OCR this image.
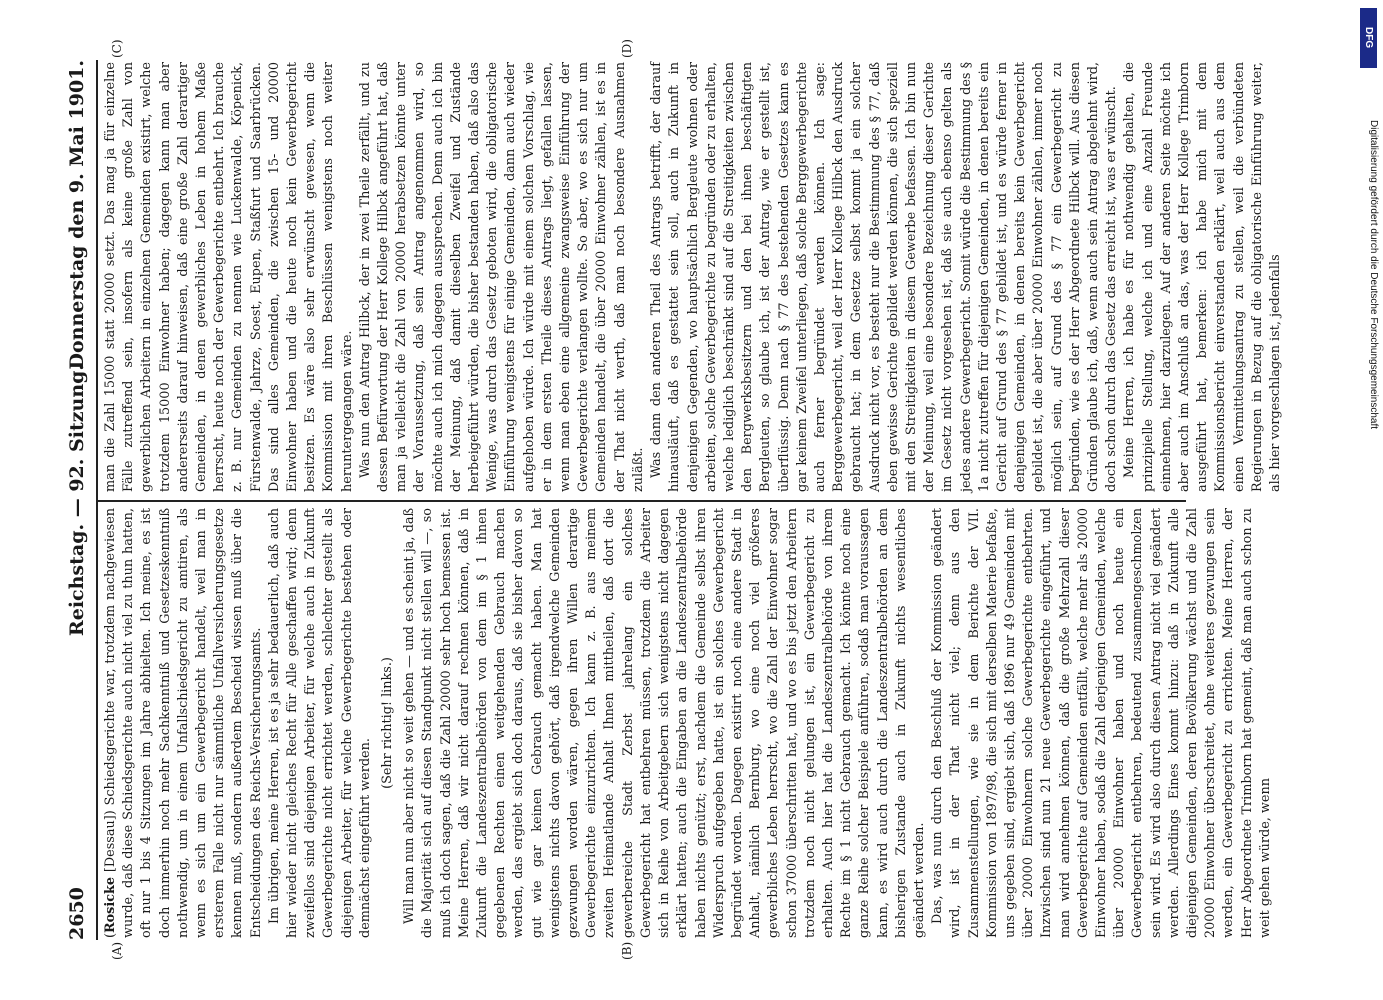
2650
Reichstag. — 92. Sitzung.
Donnerstag den 9. Mai 1901.
(A)	(B)
(C)	(D)

(Rosicke [Dessau]) Schiedsgerichte war, trotzdem nachgewiesen wurde, daß diese Schiedsgerichte auch nicht viel zu thun hatten, oft nur 1 bis 4 Sitzungen im Jahre abhielten. Ich meine, es ist doch immerhin noch mehr Sachkenntniß und Gesetzeskenntniß nothwendig, um in einem Unfallschiedsgericht zu amtiren, als wenn es sich um ein Gewerbegericht handelt, weil man in ersterem Falle nicht nur sämmtliche Unfallversicherungsgesetze kennen muß, sondern außerdem Bescheid wissen muß über die Entscheidungen des Reichs-Versicherungsamts. Im übrigen, meine Herren, ist es ja sehr bedauerlich, daß auch hier wieder nicht gleiches Recht für Alle geschaffen wird; denn zweifellos sind diejenigen Arbeiter, für welche auch in Zukunft Gewerbegerichte nicht errichtet werden, schlechter gestellt als diejenigen Arbeiter, für welche Gewerbegerichte bestehen oder demnächst eingeführt werden.

(Sehr richtig! links.) Will man nun aber nicht so weit gehen — und es scheint ja, daß die Majorität sich auf diesen Standpunkt nicht stellen will —, so muß ich doch sagen, daß die Zahl 20000 sehr hoch bemessen ist. Meine Herren, daß wir nicht darauf rechnen können, daß in Zukunft die Landeszentralbehörden von dem im § 1 ihnen gegebenen Rechten einen weitgehenden Gebrauch machen werden, das ergiebt sich doch daraus, daß sie bisher davon so gut wie gar keinen Gebrauch gemacht haben. Man hat wenigstens nichts davon gehört, daß irgendwelche Gemeinden gezwungen worden wären, gegen ihren Willen derartige Gewerbegerichte einzurichten. Ich kann z. B. aus meinem zweiten Heimatlande Anhalt Ihnen mittheilen, daß dort die gewerbereiche Stadt Zerbst jahrelang ein solches Gewerbegericht hat entbehren müssen, trotzdem die Arbeiter sich in Reihe von Arbeitgebern sich wenigstens nicht dagegen erklärt hatten; auch die Eingaben an die Landeszentralbehörde haben nichts genützt; erst, nachdem die Gemeinde selbst ihren Widerspruch aufgegeben hatte, ist ein solches Gewerbegericht begründet worden. Dagegen existirt noch eine andere Stadt in Anhalt, nämlich Bernburg, wo eine noch viel größeres gewerbliches Leben herrscht, wo die Zahl der Einwohner sogar schon 37000 überschritten hat, und wo es bis jetzt den Arbeitern trotzdem noch nicht gelungen ist, ein Gewerbegericht zu erhalten. Auch hier hat die Landeszentralbehörde von ihrem Rechte im § 1 nicht Gebrauch gemacht. Ich könnte noch eine ganze Reihe solcher Beispiele anführen, sodaß man voraussagen kann, es wird auch durch die Landeszentralbehörden an dem bisherigen Zustande auch in Zukunft nichts wesentliches geändert werden. Das, was nun durch den Beschluß der Kommission geändert wird, ist in der That nicht viel; denn aus den Zusammenstellungen, wie sie in dem Berichte der VII. Kommission von 1897/98, die sich mit derselben Materie befaßte, uns gegeben sind, ergiebt sich, daß 1896 nur 49 Gemeinden mit über 20000 Einwohnern solche Gewerbegerichte entbehrten. Inzwischen sind nun 21 neue Gewerbegerichte eingeführt, und man wird annehmen können, daß die große Mehrzahl dieser Gewerbegerichte auf Gemeinden entfällt, welche mehr als 20000 Einwohner haben, sodaß die Zahl derjenigen Gemeinden, welche über 20000 Einwohner haben und noch heute ein Gewerbegericht entbehren, bedeutend zusammengeschmolzen sein wird. Es wird also durch diesen Antrag nicht viel geändert werden. Allerdings Eines kommt hinzu: daß in Zukunft alle diejenigen Gemeinden, deren Bevölkerung wächst und die Zahl 20000 Einwohner überschreitet, ohne weiteres gezwungen sein werden, ein Gewerbegericht zu errichten. Meine Herren, der Herr Abgeordnete Trimborn hat gemeint, daß man auch schon zu weit gehen würde, wenn

man die Zahl 15000 statt 20000 setzt. Das mag ja für einzelne Fälle zutreffend sein, insofern als keine große Zahl von gewerblichen Arbeitern in einzelnen Gemeinden existirt, welche trotzdem 15000 Einwohner haben; dagegen kann man aber andererseits darauf hinweisen, daß eine große Zahl derartiger Gemeinden, in denen gewerbliches Leben in hohem Maße herrscht, heute noch der Gewerbegerichte entbehrt. Ich brauche z. B. nur Gemeinden zu nennen wie Luckenwalde, Köpenick, Fürstenwalde, Jahrze, Soest, Eupen, Staßfurt und Saarbrücken. Das sind alles Gemeinden, die zwischen 15- und 20000 Einwohner haben und die heute noch kein Gewerbegericht besitzen. Es wäre also sehr erwünscht gewesen, wenn die Kommission mit ihren Beschlüssen wenigstens noch weiter heruntergegangen wäre. Was nun den Antrag Hilbck, der in zwei Theile zerfällt, und zu dessen Befürwortung der Herr Kollege Hilbck angeführt hat, daß man ja vielleicht die Zahl von 20000 herabsetzen könnte unter der Voraussetzung, daß sein Antrag angenommen wird, so möchte auch ich mich dagegen aussprechen. Denn auch ich bin der Meinung, daß damit dieselben Zweifel und Zustände herbeigeführt würden, die bisher bestanden haben, daß also das Wenige, was durch das Gesetz geboten wird, die obligatorische Einführung wenigstens für einige Gemeinden, dann auch wieder aufgehoben würde. Ich würde mit einem solchen Vorschlag, wie er in dem ersten Theile dieses Antrags liegt, gefallen lassen, wenn man eben eine allgemeine zwangsweise Einführung der Gewerbegerichte verlangen wollte. So aber, wo es sich nur um Gemeinden handelt, die über 20000 Einwohner zählen, ist es in der That nicht werth, daß man noch besondere Ausnahmen zuläßt. Was dann den anderen Theil des Antrags betrifft, der darauf hinausläuft, daß es gestattet sein soll, auch in Zukunft in denjenigen Gegenden, wo hauptsächlich Bergleute wohnen oder arbeiten, solche Gewerbegerichte zu begründen oder zu erhalten, welche lediglich beschränkt sind auf die Streitigkeiten zwischen den Bergwerksbesitzern und den bei ihnen beschäftigten Bergleuten, so glaube ich, ist der Antrag, wie er gestellt ist, überflüssig. Denn nach § 77 des bestehenden Gesetzes kann es gar keinem Zweifel unterliegen, daß solche Berggewerbegerichte auch ferner begründet werden können. Ich sage: Berggewerbegericht, weil der Herr Kollege Hilbck den Ausdruck gebraucht hat; in dem Gesetze selbst kommt ja ein solcher Ausdruck nicht vor, es besteht nur die Bestimmung des § 77, daß eben gewisse Gerichte gebildet werden können, die sich speziell mit den Streitigkeiten in diesem Gewerbe befassen. Ich bin nun der Meinung, weil eine besondere Bezeichnung dieser Gerichte im Gesetz nicht vorgesehen ist, daß sie auch ebenso gelten als jedes andere Gewerbegericht. Somit würde die Bestimmung des § 1a nicht zutreffen für diejenigen Gemeinden, in denen bereits ein Gericht auf Grund des § 77 gebildet ist, und es würde ferner in denjenigen Gemeinden, in denen bereits kein Gewerbegericht gebildet ist, die aber über 20000 Einwohner zählen, immer noch möglich sein, auf Grund des § 77 ein Gewerbegericht zu begründen, wie es der Herr Abgeordnete Hilbck will. Aus diesen Gründen glaube ich, daß, wenn auch sein Antrag abgelehnt wird, doch schon durch das Gesetz das erreicht ist, was er wünscht. Meine Herren, ich habe es für nothwendig gehalten, die prinzipielle Stellung, welche ich und eine Anzahl Freunde einnehmen, hier darzulegen. Auf der anderen Seite möchte ich aber auch im Anschluß an das, was der Herr Kollege Trimborn ausgeführt hat, bemerken: ich habe mich mit dem Kommissionsbericht einverstanden erklärt, weil auch aus dem einen Vermittelungsantrag zu stellen, weil die verbündeten Regierungen in Bezug auf die obligatorische Einführung weiter, als hier vorgeschlagen ist, jedenfalls

DFG
Digitalisierung gefördert durch die Deutsche Forschungsgemeinschaft
